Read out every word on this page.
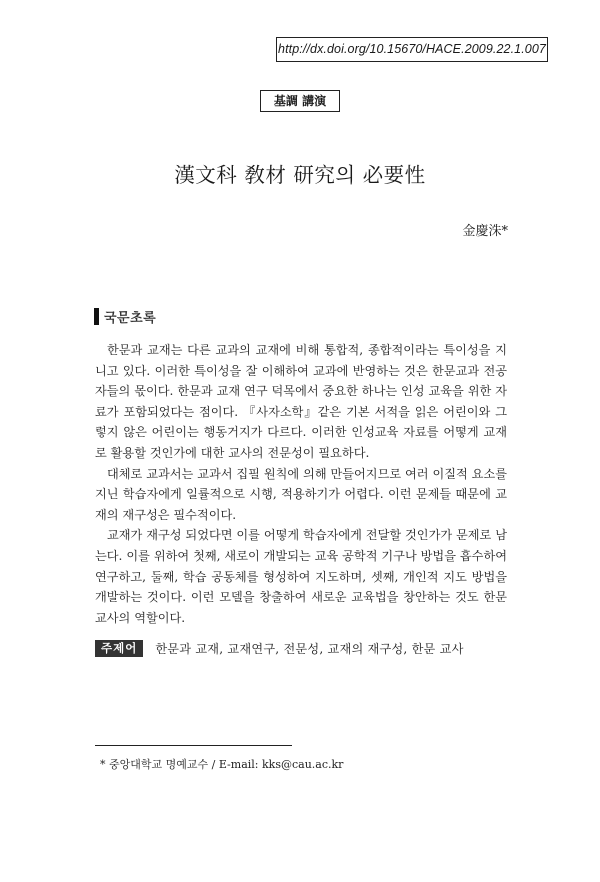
http://dx.doi.org/10.15670/HACE.2009.22.1.007
基調 講演
漢文科 敎材 研究의 必要性
金慶洙*
국문초록

한문과 교재는 다른 교과의 교재에 비해 통합적, 종합적이라는 특이성을 지니고 있다. 이러한 특이성을 잘 이해하여 교과에 반영하는 것은 한문교과 전공자들의 몫이다. 한문과 교재 연구 덕목에서 중요한 하나는 인성 교육을 위한 자료가 포함되었다는 점이다. 『사자소학』같은 기본 서적을 읽은 어린이와 그렇지 않은 어린이는 행동거지가 다르다. 이러한 인성교육 자료를 어떻게 교재로 활용할 것인가에 대한 교사의 전문성이 필요하다.

대체로 교과서는 교과서 집필 원칙에 의해 만들어지므로 여러 이질적 요소를 지닌 학습자에게 일률적으로 시행, 적용하기가 어렵다. 이런 문제들 때문에 교재의 재구성은 필수적이다.

교재가 재구성 되었다면 이를 어떻게 학습자에게 전달할 것인가가 문제로 남는다. 이를 위하여 첫째, 새로이 개발되는 교육 공학적 기구나 방법을 흡수하여 연구하고, 둘째, 학습 공동체를 형성하여 지도하며, 셋째, 개인적 지도 방법을 개발하는 것이다. 이런 모델을 창출하여 새로운 교육법을 창안하는 것도 한문 교사의 역할이다.

주제어	한문과 교재, 교재연구, 전문성, 교재의 재구성, 한문 교사
* 중앙대학교 명예교수 / E-mail: kks@cau.ac.kr
